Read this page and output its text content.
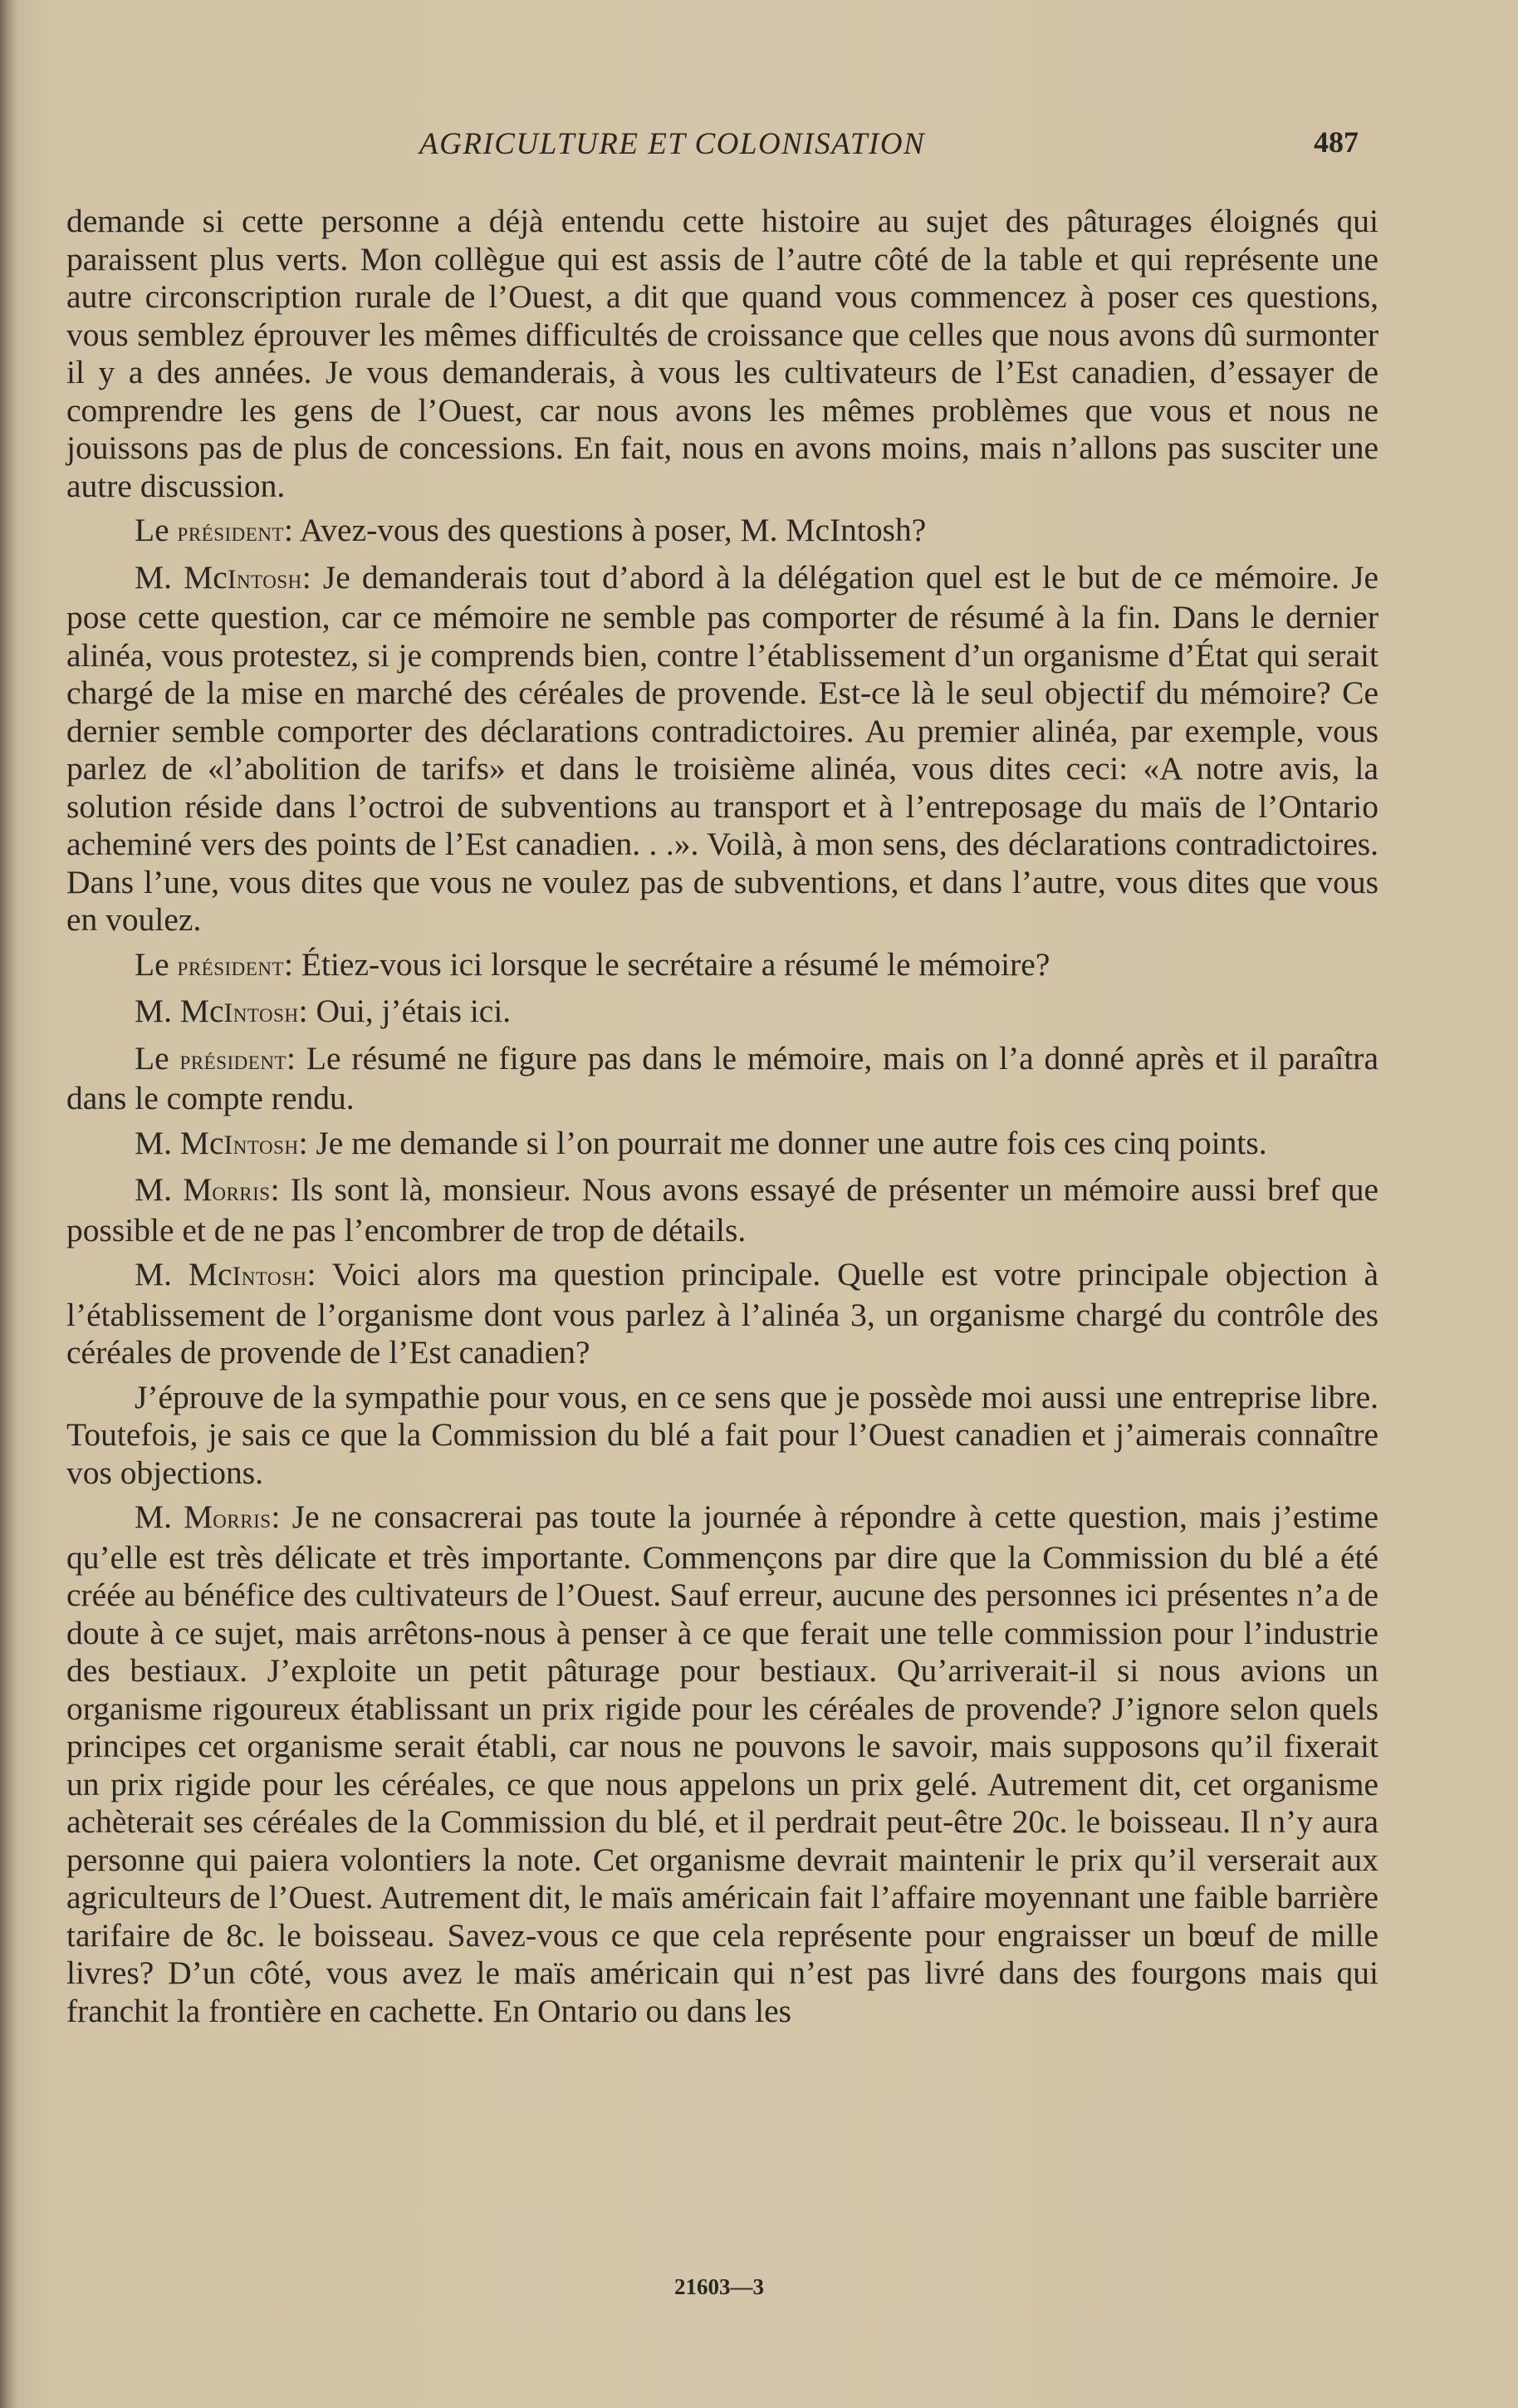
AGRICULTURE ET COLONISATION	487

demande si cette personne a déjà entendu cette histoire au sujet des pâturages éloignés qui paraissent plus verts. Mon collègue qui est assis de l’autre côté de la table et qui représente une autre circonscription rurale de l’Ouest, a dit que quand vous commencez à poser ces questions, vous semblez éprouver les mêmes difficultés de croissance que celles que nous avons dû surmonter il y a des années. Je vous demanderais, à vous les cultivateurs de l’Est canadien, d’essayer de comprendre les gens de l’Ouest, car nous avons les mêmes problèmes que vous et nous ne jouissons pas de plus de concessions. En fait, nous en avons moins, mais n’allons pas susciter une autre discussion.

Le président: Avez-vous des questions à poser, M. McIntosh?

M. McIntosh: Je demanderais tout d’abord à la délégation quel est le but de ce mémoire. Je pose cette question, car ce mémoire ne semble pas comporter de résumé à la fin. Dans le dernier alinéa, vous protestez, si je comprends bien, contre l’établissement d’un organisme d’État qui serait chargé de la mise en marché des céréales de provende. Est-ce là le seul objectif du mémoire? Ce dernier semble comporter des déclarations contradictoires. Au premier alinéa, par exemple, vous parlez de «l’abolition de tarifs» et dans le troisième alinéa, vous dites ceci: «A notre avis, la solution réside dans l’octroi de subventions au transport et à l’entreposage du maïs de l’Ontario acheminé vers des points de l’Est canadien. . .». Voilà, à mon sens, des déclarations contradictoires. Dans l’une, vous dites que vous ne voulez pas de subventions, et dans l’autre, vous dites que vous en voulez.

Le président: Étiez-vous ici lorsque le secrétaire a résumé le mémoire?

M. McIntosh: Oui, j’étais ici.

Le président: Le résumé ne figure pas dans le mémoire, mais on l’a donné après et il paraîtra dans le compte rendu.

M. McIntosh: Je me demande si l’on pourrait me donner une autre fois ces cinq points.

M. Morris: Ils sont là, monsieur. Nous avons essayé de présenter un mémoire aussi bref que possible et de ne pas l’encombrer de trop de détails.

M. McIntosh: Voici alors ma question principale. Quelle est votre principale objection à l’établissement de l’organisme dont vous parlez à l’alinéa 3, un organisme chargé du contrôle des céréales de provende de l’Est canadien?

J’éprouve de la sympathie pour vous, en ce sens que je possède moi aussi une entreprise libre. Toutefois, je sais ce que la Commission du blé a fait pour l’Ouest canadien et j’aimerais connaître vos objections.

M. Morris: Je ne consacrerai pas toute la journée à répondre à cette question, mais j’estime qu’elle est très délicate et très importante. Commençons par dire que la Commission du blé a été créée au bénéfice des cultivateurs de l’Ouest. Sauf erreur, aucune des personnes ici présentes n’a de doute à ce sujet, mais arrêtons-nous à penser à ce que ferait une telle commission pour l’industrie des bestiaux. J’exploite un petit pâturage pour bestiaux. Qu’arriverait-il si nous avions un organisme rigoureux établissant un prix rigide pour les céréales de provende? J’ignore selon quels principes cet organisme serait établi, car nous ne pouvons le savoir, mais supposons qu’il fixerait un prix rigide pour les céréales, ce que nous appelons un prix gelé. Autrement dit, cet organisme achèterait ses céréales de la Commission du blé, et il perdrait peut-être 20c. le boisseau. Il n’y aura personne qui paiera volontiers la note. Cet organisme devrait maintenir le prix qu’il verserait aux agriculteurs de l’Ouest. Autrement dit, le maïs américain fait l’affaire moyennant une faible barrière tarifaire de 8c. le boisseau. Savez-vous ce que cela représente pour engraisser un bœuf de mille livres? D’un côté, vous avez le maïs américain qui n’est pas livré dans des fourgons mais qui franchit la frontière en cachette. En Ontario ou dans les

21603—3
